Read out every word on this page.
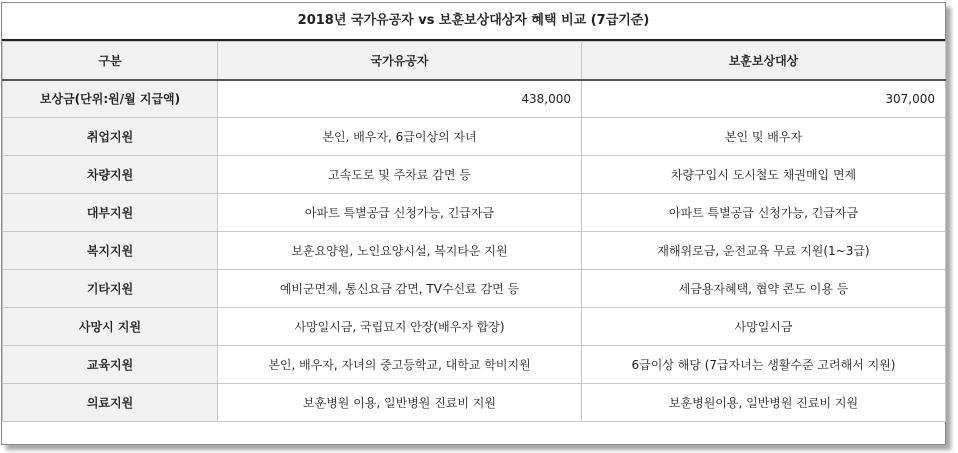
2018년 국가유공자 vs 보훈보상대상자 혜택 비교 (7급기준)
구분	국가유공자	보훈보상대상
보상금(단위:원/월 지급액)	438,000	307,000
취업지원	본인, 배우자, 6급이상의 자녀	본인 및 배우자
차량지원	고속도로 및 주차료 감면 등	차량구입시 도시철도 채권매입 면제
대부지원	아파트 특별공급 신청가능, 긴급자금	아파트 특별공급 신청가능, 긴급자금
복지지원	보훈요양원, 노인요양시설, 복지타운 지원	재해위로금, 운전교육 무료 지원(1~3급)
기타지원	예비군면제, 통신요금 감면, TV수신료 감면 등	세금용자혜택, 협약 콘도 이용 등
사망시 지원	사망일시금, 국립묘지 안장(배우자 합장)	사망일시금
교육지원	본인, 배우자, 자녀의 중고등학교, 대학교 학비지원	6급이상 해당 (7급자녀는 생활수준 고려해서 지원)
의료지원	보훈병원 이용, 일반병원 진료비 지원	보훈병원이용, 일반병원 진료비 지원
